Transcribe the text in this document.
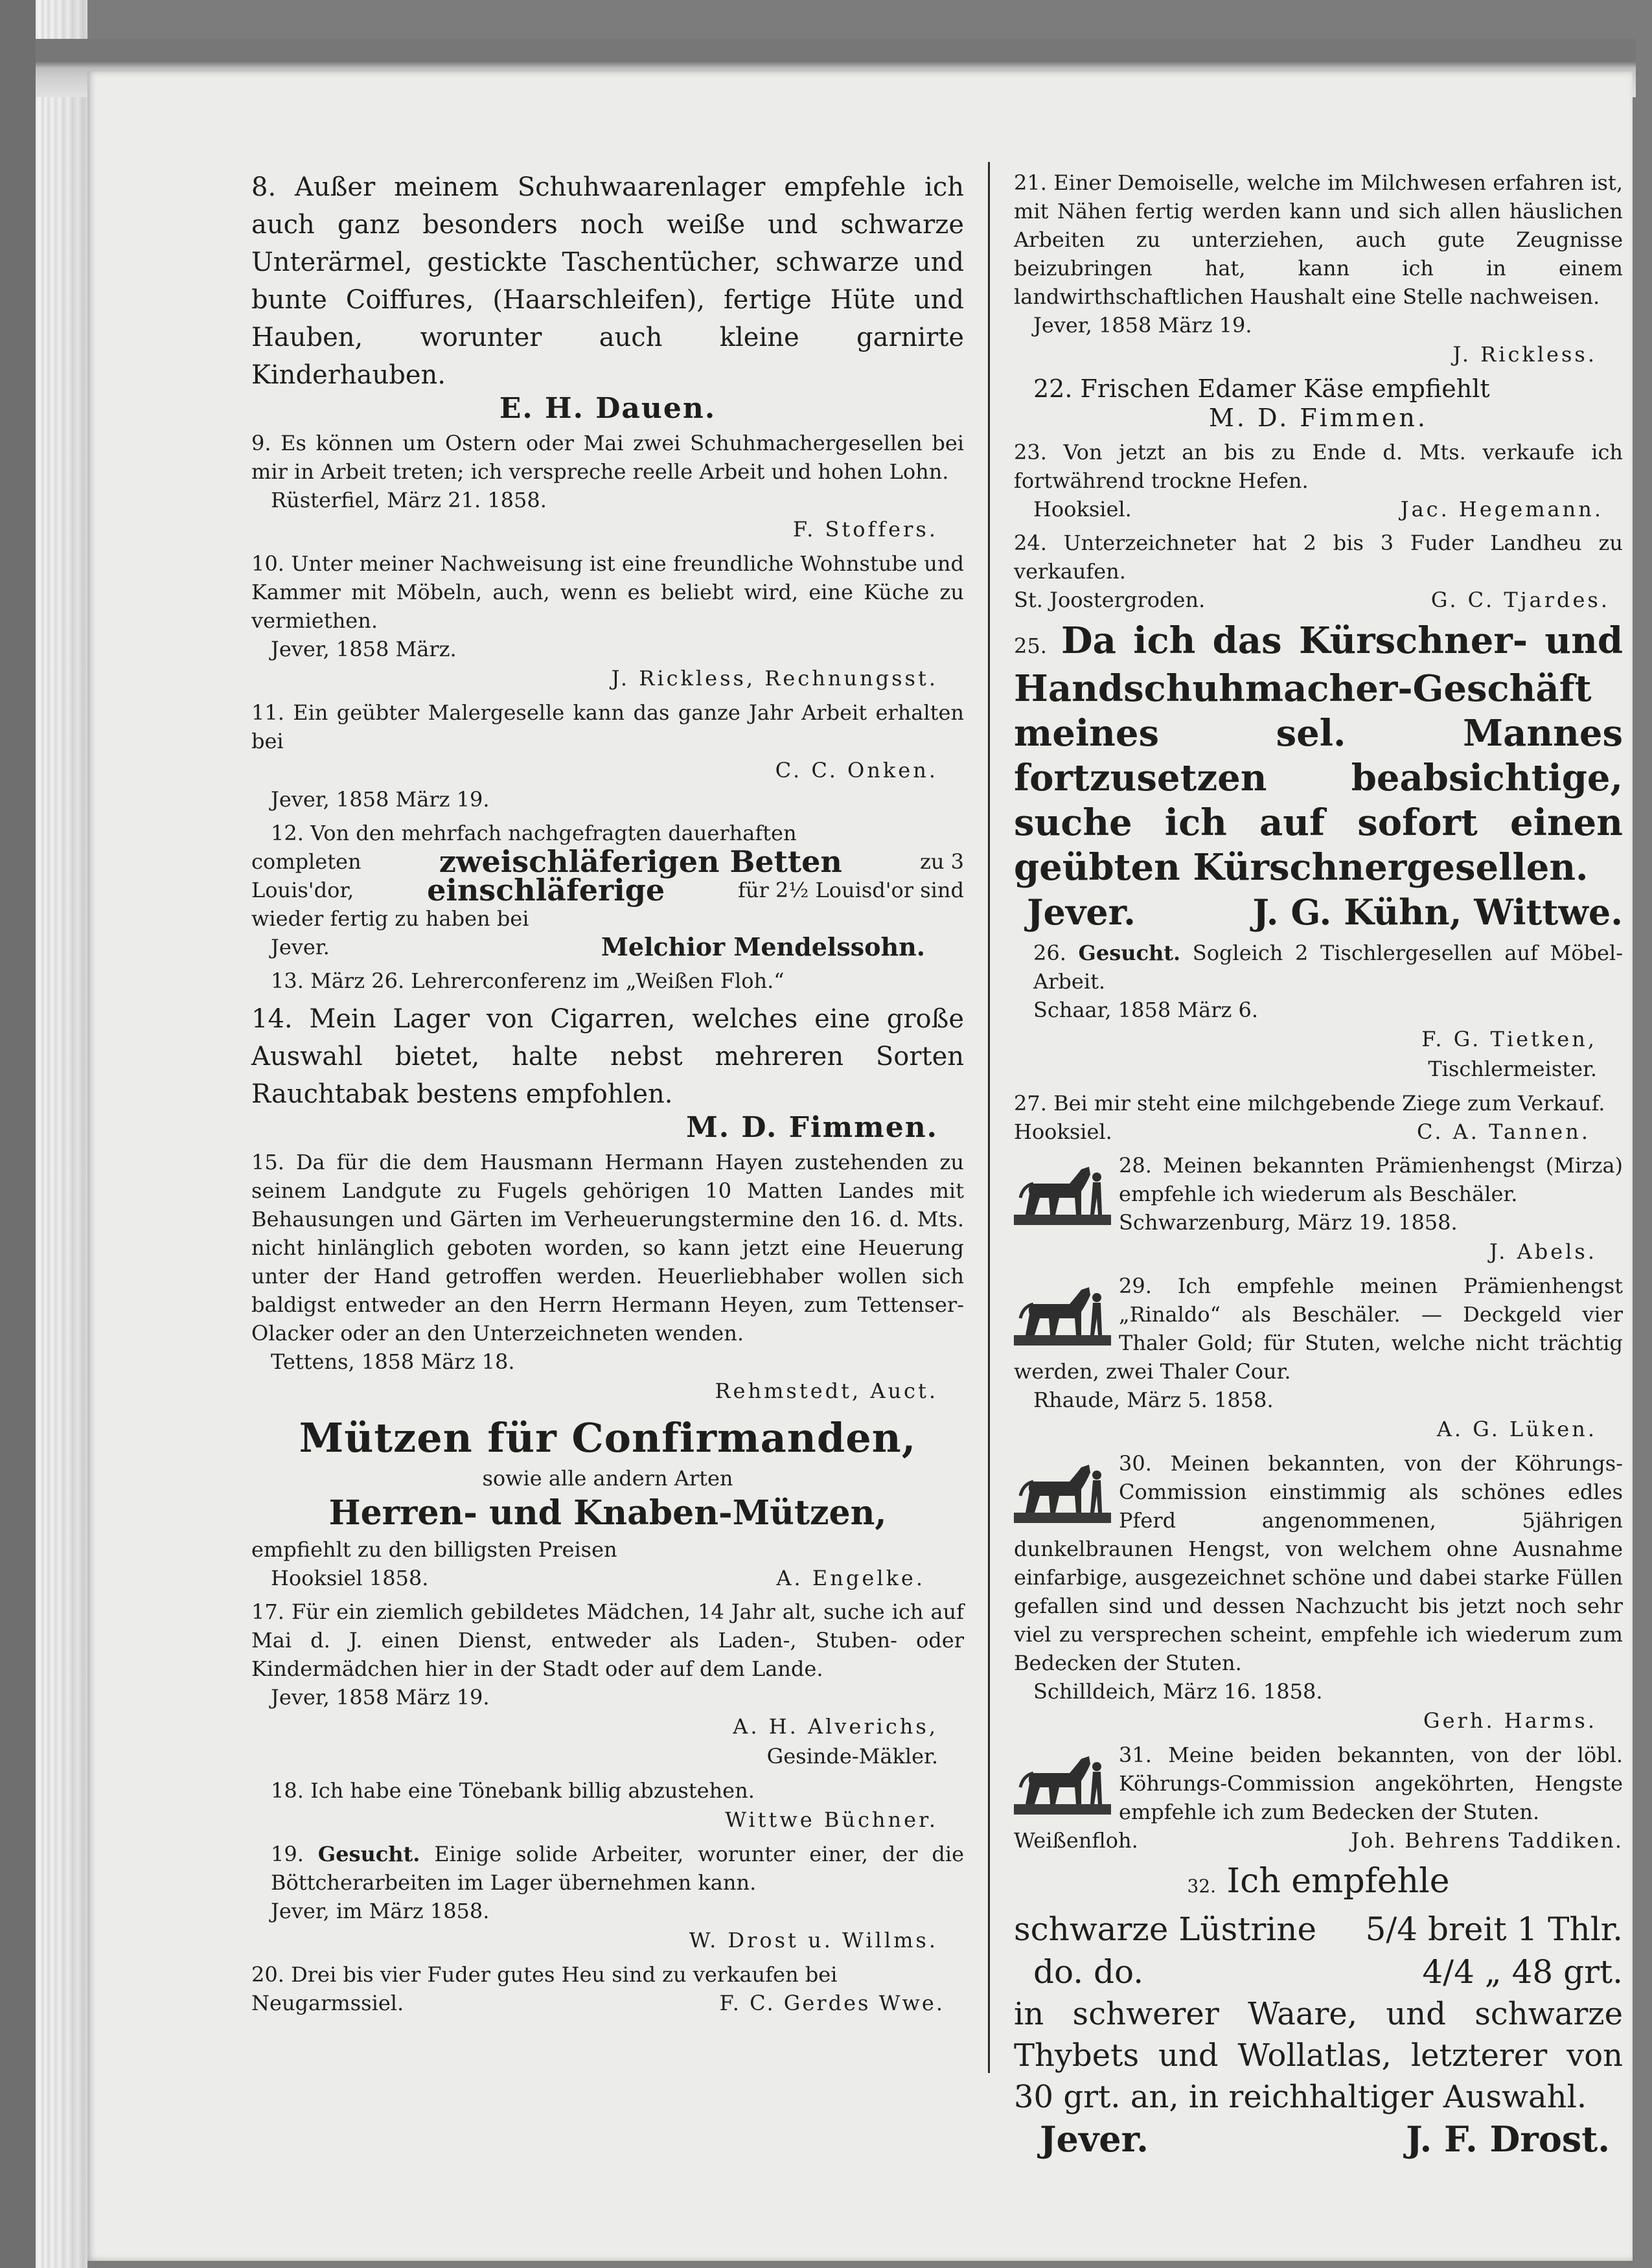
8. Außer meinem Schuhwaarenlager empfehle ich auch ganz besonders noch weiße und schwarze Unterärmel, gestickte Taschentücher, schwarze und bunte Coiffures, (Haarschleifen), fertige Hüte und Hauben, worunter auch kleine garnirte Kinderhauben.

E. H. Dauen.

9. Es können um Ostern oder Mai zwei Schuhmachergesellen bei mir in Arbeit treten; ich verspreche reelle Arbeit und hohen Lohn.

Rüsterfiel, März 21. 1858.

F. Stoffers.

10. Unter meiner Nachweisung ist eine freundliche Wohnstube und Kammer mit Möbeln, auch, wenn es beliebt wird, eine Küche zu vermiethen.

Jever, 1858 März.

J. Rickless, Rechnungsst.

11. Ein geübter Malergeselle kann das ganze Jahr Arbeit erhalten bei

C. C. Onken.

Jever, 1858 März 19.

12. Von den mehrfach nachgefragten dauerhaften

completen	zweischläferigen Betten	zu 3

Louis'dor, einschläferige	für 2½ Louisd'or sind

wieder fertig zu haben bei

Jever.	Melchior Mendelssohn.

13. März 26. Lehrerconferenz im „Weißen Floh.“

14. Mein Lager von Cigarren, welches eine große Auswahl bietet, halte nebst mehreren Sorten Rauchtabak bestens empfohlen.

M. D. Fimmen.

15. Da für die dem Hausmann Hermann Hayen zustehenden zu seinem Landgute zu Fugels gehörigen 10 Matten Landes mit Behausungen und Gärten im Verheuerungstermine den 16. d. Mts. nicht hinlänglich geboten worden, so kann jetzt eine Heuerung unter der Hand getroffen werden. Heuerliebhaber wollen sich baldigst entweder an den Herrn Hermann Heyen, zum Tettenser-Olacker oder an den Unterzeichneten wenden.

Tettens, 1858 März 18.

Rehmstedt, Auct.

Mützen für Confirmanden,

sowie alle andern Arten

Herren- und Knaben-Mützen,

empfiehlt zu den billigsten Preisen

Hooksiel 1858.	A. Engelke.

17. Für ein ziemlich gebildetes Mädchen, 14 Jahr alt, suche ich auf Mai d. J. einen Dienst, entweder als Laden-, Stuben- oder Kindermädchen hier in der Stadt oder auf dem Lande.

Jever, 1858 März 19.

A. H. Alverichs,

Gesinde-Mäkler.

18. Ich habe eine Tönebank billig abzustehen.

Wittwe Büchner.

19. Gesucht. Einige solide Arbeiter, worunter einer, der die Böttcherarbeiten im Lager übernehmen kann.

Jever, im März 1858.

W. Drost u. Willms.

20. Drei bis vier Fuder gutes Heu sind zu verkaufen bei

Neugarmssiel.	F. C. Gerdes Wwe.

21. Einer Demoiselle, welche im Milchwesen erfahren ist, mit Nähen fertig werden kann und sich allen häuslichen Arbeiten zu unterziehen, auch gute Zeugnisse beizubringen hat, kann ich in einem landwirthschaftlichen Haushalt eine Stelle nachweisen.

Jever, 1858 März 19.

J. Rickless.

22. Frischen Edamer Käse empfiehlt

M. D. Fimmen.

23. Von jetzt an bis zu Ende d. Mts. verkaufe ich fortwährend trockne Hefen.

Hooksiel.	Jac. Hegemann.

24. Unterzeichneter hat 2 bis 3 Fuder Landheu zu verkaufen.

St. Joostergroden.	G. C. Tjardes.

25. Da ich das Kürschner- und Handschuhmacher-Geschäft meines sel. Mannes fortzusetzen beabsichtige, suche ich auf sofort einen geübten Kürschnergesellen.

Jever.	J. G. Kühn, Wittwe.

26. Gesucht. Sogleich 2 Tischlergesellen auf Möbel-Arbeit.

Schaar, 1858 März 6.

F. G. Tietken,

Tischlermeister.

27. Bei mir steht eine milchgebende Ziege zum Verkauf.

Hooksiel.	C. A. Tannen.

28. Meinen bekannten Prämienhengst (Mirza) empfehle ich wiederum als Beschäler.

Schwarzenburg, März 19. 1858.

J. Abels.

29. Ich empfehle meinen Prämienhengst „Rinaldo“ als Beschäler. — Deckgeld vier Thaler Gold; für Stuten, welche nicht trächtig werden, zwei Thaler Cour.

Rhaude, März 5. 1858.

A. G. Lüken.

30. Meinen bekannten, von der Köhrungs-Commission einstimmig als schönes edles Pferd angenommenen, 5jährigen dunkelbraunen Hengst, von welchem ohne Ausnahme einfarbige, ausgezeichnet schöne und dabei starke Füllen gefallen sind und dessen Nachzucht bis jetzt noch sehr viel zu versprechen scheint, empfehle ich wiederum zum Bedecken der Stuten.

Schilldeich, März 16. 1858.

Gerh. Harms.

31. Meine beiden bekannten, von der löbl. Köhrungs-Commission angeköhrten, Hengste empfehle ich zum Bedecken der Stuten.

Weißenfloh.	Joh. Behrens Taddiken.

32. Ich empfehle

schwarze Lüstrine 5/4 breit 1 Thlr.

do. do.	4/4 „ 48 grt.

in schwerer Waare, und schwarze Thybets und Wollatlas, letzterer von 30 grt. an, in reichhaltiger Auswahl.

Jever.	J. F. Drost.
